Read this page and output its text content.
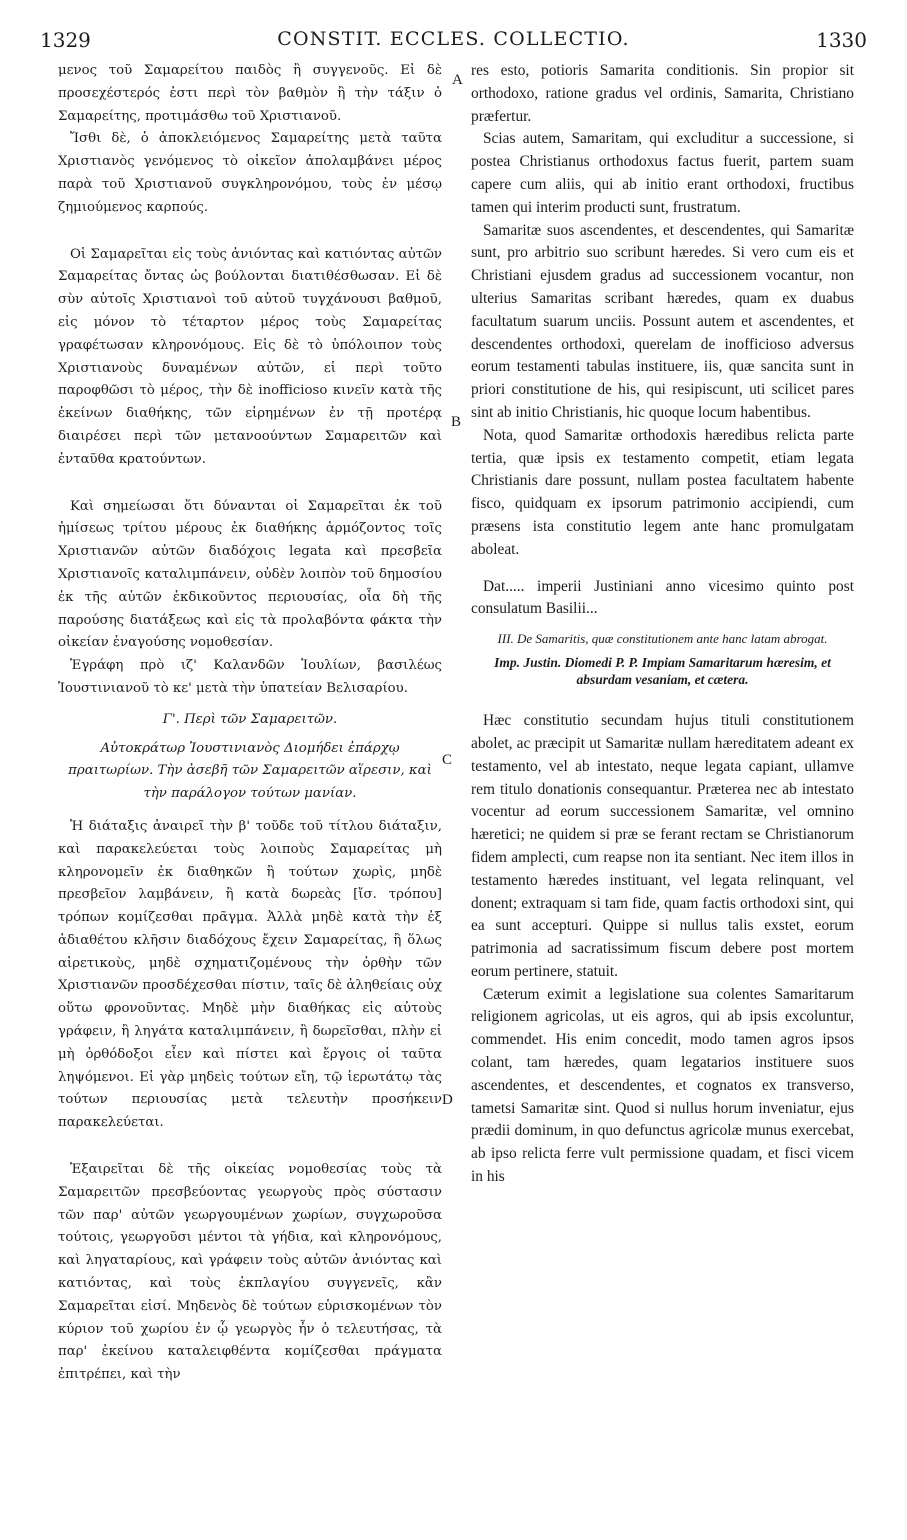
1329	CONSTIT. ECCLES. COLLECTIO.	1330
A
B
C
D

μενος τοῦ Σαμαρείτου παιδὸς ἢ συγγενοῦς. Εἰ δὲ προσεχέστερός ἐστι περὶ τὸν βαθμὸν ἢ τὴν τάξιν ὁ Σαμαρείτης, προτιμάσθω τοῦ Χριστιανοῦ.

Ἴσθι δὲ, ὁ ἀποκλειόμενος Σαμαρείτης μετὰ ταῦτα Χριστιανὸς γενόμενος τὸ οἰκεῖον ἀπολαμβάνει μέρος παρὰ τοῦ Χριστιανοῦ συγκληρονόμου, τοὺς ἐν μέσῳ ζημιούμενος καρπούς.

Οἱ Σαμαρεῖται εἰς τοὺς ἀνιόντας καὶ κατιόντας αὐτῶν Σαμαρείτας ὄντας ὡς βούλονται διατιθέσθωσαν. Εἰ δὲ σὺν αὐτοῖς Χριστιανοὶ τοῦ αὐτοῦ τυγχάνουσι βαθμοῦ, εἰς μόνον τὸ τέταρτον μέρος τοὺς Σαμαρείτας γραφέτωσαν κληρονόμους. Εἰς δὲ τὸ ὑπόλοιπον τοὺς Χριστιανοὺς δυναμένων αὐτῶν, εἰ περὶ τοῦτο παροφθῶσι τὸ μέρος, τὴν δὲ inofficioso κινεῖν κατὰ τῆς ἐκείνων διαθήκης, τῶν εἰρημένων ἐν τῇ προτέρᾳ διαιρέσει περὶ τῶν μετανοούντων Σαμαρειτῶν καὶ ἐνταῦθα κρατούντων.

Καὶ σημείωσαι ὅτι δύνανται οἱ Σαμαρεῖται ἐκ τοῦ ἡμίσεως τρίτου μέρους ἐκ διαθήκης ἁρμόζοντος τοῖς Χριστιανῶν αὐτῶν διαδόχοις legata καὶ πρεσβεῖα Χριστιανοῖς καταλιμπάνειν, οὐδὲν λοιπὸν τοῦ δημοσίου ἐκ τῆς αὐτῶν ἐκδικοῦντος περιουσίας, οἷα δὴ τῆς παρούσης διατάξεως καὶ εἰς τὰ προλαβόντα φάκτα τὴν οἰκείαν ἐναγούσης νομοθεσίαν.

Ἐγράφη πρὸ ιζ' Καλανδῶν Ἰουλίων, βασιλέως Ἰουστινιανοῦ τὸ κε' μετὰ τὴν ὑπατείαν Βελισαρίου.

Γ'. Περὶ τῶν Σαμαρειτῶν.
Αὐτοκράτωρ Ἰουστινιανὸς Διομήδει ἐπάρχῳ πραιτωρίων. Τὴν ἀσεβῆ τῶν Σαμαρειτῶν αἵρεσιν, καὶ τὴν παράλογον τούτων μανίαν.

Ἡ διάταξις ἀναιρεῖ τὴν β' τοῦδε τοῦ τίτλου διάταξιν, καὶ παρακελεύεται τοὺς λοιποὺς Σαμαρείτας μὴ κληρονομεῖν ἐκ διαθηκῶν ἢ τούτων χωρὶς, μηδὲ πρεσβεῖον λαμβάνειν, ἢ κατὰ δωρεὰς [ἴσ. τρόπου] τρόπων κομίζεσθαι πρᾶγμα. Ἀλλὰ μηδὲ κατὰ τὴν ἐξ ἀδιαθέτου κλῆσιν διαδόχους ἔχειν Σαμαρείτας, ἢ ὅλως αἱρετικοὺς, μηδὲ σχηματιζομένους τὴν ὀρθὴν τῶν Χριστιανῶν προσδέχεσθαι πίστιν, ταῖς δὲ ἀληθείαις οὐχ οὕτω φρονοῦντας. Μηδὲ μὴν διαθήκας εἰς αὐτοὺς γράφειν, ἢ ληγάτα καταλιμπάνειν, ἢ δωρεῖσθαι, πλὴν εἰ μὴ ὀρθόδοξοι εἶεν καὶ πίστει καὶ ἔργοις οἱ ταῦτα ληψόμενοι. Εἰ γὰρ μηδεὶς τούτων εἴη, τῷ ἱερωτάτῳ τὰς τούτων περιουσίας μετὰ τελευτὴν προσήκειν παρακελεύεται.

Ἐξαιρεῖται δὲ τῆς οἰκείας νομοθεσίας τοὺς τὰ Σαμαρειτῶν πρεσβεύοντας γεωργοὺς πρὸς σύστασιν τῶν παρ' αὐτῶν γεωργουμένων χωρίων, συγχωροῦσα τούτοις, γεωργοῦσι μέντοι τὰ γήδια, καὶ κληρονόμους, καὶ ληγαταρίους, καὶ γράφειν τοὺς αὐτῶν ἀνιόντας καὶ κατιόντας, καὶ τοὺς ἐκπλαγίου συγγενεῖς, κἂν Σαμαρεῖται εἰσί. Μηδενὸς δὲ τούτων εὑρισκομένων τὸν κύριον τοῦ χωρίου ἐν ᾧ γεωργὸς ἦν ὁ τελευτήσας, τὰ παρ' ἐκείνου καταλειφθέντα κομίζεσθαι πράγματα ἐπιτρέπει, καὶ τὴν

res esto, potioris Samarita conditionis. Sin propior sit orthodoxo, ratione gradus vel ordinis, Samarita, Christiano præfertur.

Scias autem, Samaritam, qui excluditur a successione, si postea Christianus orthodoxus factus fuerit, partem suam capere cum aliis, qui ab initio erant orthodoxi, fructibus tamen qui interim producti sunt, frustratum.

Samaritæ suos ascendentes, et descendentes, qui Samaritæ sunt, pro arbitrio suo scribunt hæredes. Si vero cum eis et Christiani ejusdem gradus ad successionem vocantur, non ulterius Samaritas scribant hæredes, quam ex duabus facultatum suarum unciis. Possunt autem et ascendentes, et descendentes orthodoxi, querelam de inofficioso adversus eorum testamenti tabulas instituere, iis, quæ sancita sunt in priori constitutione de his, qui resipiscunt, uti scilicet pares sint ab initio Christianis, hic quoque locum habentibus.

Nota, quod Samaritæ orthodoxis hæredibus relicta parte tertia, quæ ipsis ex testamento competit, etiam legata Christianis dare possunt, nullam postea facultatem habente fisco, quidquam ex ipsorum patrimonio accipiendi, cum præsens ista constitutio legem ante hanc promulgatam aboleat.

Dat..... imperii Justiniani anno vicesimo quinto post consulatum Basilii...

III. De Samaritis, quæ constitutionem ante hanc latam abrogat.
Imp. Justin. Diomedi P. P. Impiam Samaritarum hæresim, et absurdam vesaniam, et cætera.

Hæc constitutio secundam hujus tituli constitutionem abolet, ac præcipit ut Samaritæ nullam hæreditatem adeant ex testamento, vel ab intestato, neque legata capiant, ullamve rem titulo donationis consequantur. Præterea nec ab intestato vocentur ad eorum successionem Samaritæ, vel omnino hæretici; ne quidem si præ se ferant rectam se Christianorum fidem amplecti, cum reapse non ita sentiant. Nec item illos in testamento hæredes instituant, vel legata relinquant, vel donent; extraquam si tam fide, quam factis orthodoxi sint, qui ea sunt accepturi. Quippe si nullus talis exstet, eorum patrimonia ad sacratissimum fiscum debere post mortem eorum pertinere, statuit.

Cæterum eximit a legislatione sua colentes Samaritarum religionem agricolas, ut eis agros, qui ab ipsis excoluntur, commendet. His enim concedit, modo tamen agros ipsos colant, tam hæredes, quam legatarios instituere suos ascendentes, et descendentes, et cognatos ex transverso, tametsi Samaritæ sint. Quod si nullus horum inveniatur, ejus prædii dominum, in quo defunctus agricolæ munus exercebat, ab ipso relicta ferre vult permissione quadam, et fisci vicem in his
